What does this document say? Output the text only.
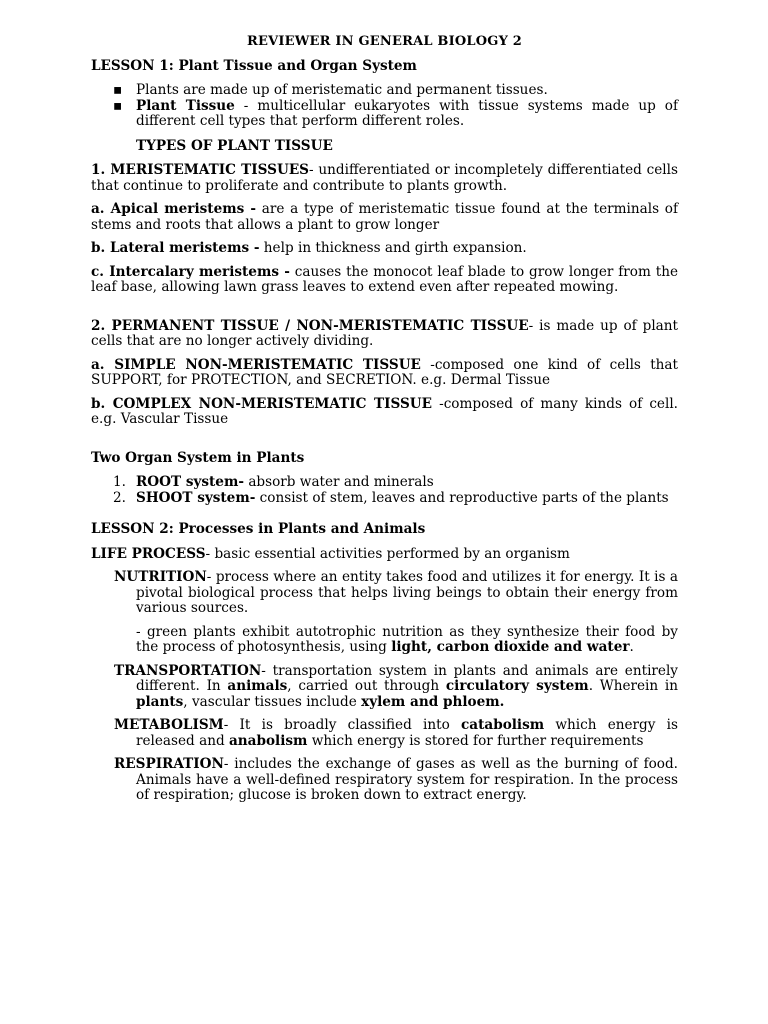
REVIEWER IN GENERAL BIOLOGY 2

LESSON 1: Plant Tissue and Organ System

▪ Plants are made up of meristematic and permanent tissues.
▪ Plant Tissue - multicellular eukaryotes with tissue systems made up of different cell types that perform different roles.

TYPES OF PLANT TISSUE

1. MERISTEMATIC TISSUES- undifferentiated or incompletely differentiated cells that continue to proliferate and contribute to plants growth.

a. Apical meristems - are a type of meristematic tissue found at the terminals of stems and roots that allows a plant to grow longer

b. Lateral meristems - help in thickness and girth expansion.

c. Intercalary meristems - causes the monocot leaf blade to grow longer from the leaf base, allowing lawn grass leaves to extend even after repeated mowing.

2. PERMANENT TISSUE / NON-MERISTEMATIC TISSUE- is made up of plant cells that are no longer actively dividing.

a. SIMPLE NON-MERISTEMATIC TISSUE -composed one kind of cells that SUPPORT, for PROTECTION, and SECRETION. e.g. Dermal Tissue

b. COMPLEX NON-MERISTEMATIC TISSUE -composed of many kinds of cell. e.g. Vascular Tissue

Two Organ System in Plants

1. ROOT system- absorb water and minerals
2. SHOOT system- consist of stem, leaves and reproductive parts of the plants

LESSON 2: Processes in Plants and Animals

LIFE PROCESS- basic essential activities performed by an organism

NUTRITION- process where an entity takes food and utilizes it for energy. It is a pivotal biological process that helps living beings to obtain their energy from various sources.

- green plants exhibit autotrophic nutrition as they synthesize their food by the process of photosynthesis, using light, carbon dioxide and water.

TRANSPORTATION- transportation system in plants and animals are entirely different. In animals, carried out through circulatory system. Wherein in plants, vascular tissues include xylem and phloem.

METABOLISM- It is broadly classified into catabolism which energy is released and anabolism which energy is stored for further requirements

RESPIRATION- includes the exchange of gases as well as the burning of food. Animals have a well-defined respiratory system for respiration. In the process of respiration; glucose is broken down to extract energy.
